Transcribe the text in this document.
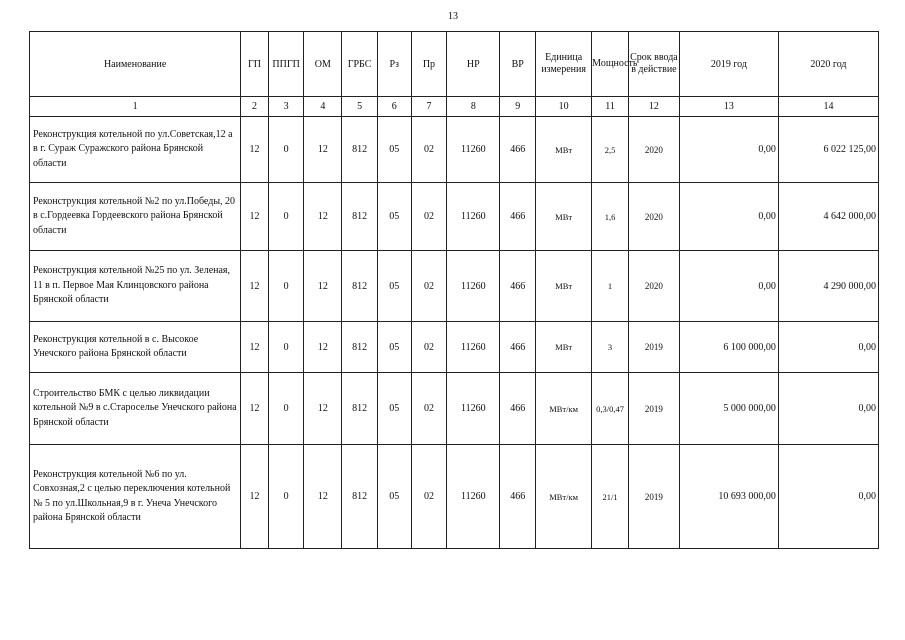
13
Наименование	ГП	ППГП	ОМ	ГРБС	Рз	Пр	НР	ВР	Единица измерения	Мощность	Срок ввода в действие	2019 год	2020 год
1	2	3	4	5	6	7	8	9	10	11	12	13	14
Реконструкция котельной по ул.Советская,12 а в г. Сураж Суражского района Брянской области	12	0	12	812	05	02	11260	466	МВт	2,5	2020	0,00	6 022 125,00
Реконструкция котельной №2 по ул.Победы, 20 в с.Гордеевка Гордеевского района Брянской области	12	0	12	812	05	02	11260	466	МВт	1,6	2020	0,00	4 642 000,00
Реконструкция котельной №25 по ул. Зеленая, 11 в п. Первое Мая Клинцовского района Брянской области	12	0	12	812	05	02	11260	466	МВт	1	2020	0,00	4 290 000,00
Реконструкция котельной в с. Высокое Унечского района Брянской области	12	0	12	812	05	02	11260	466	МВт	3	2019	6 100 000,00	0,00
Строительство БМК с целью ликвидации котельной №9 в с.Староселье Унечского района Брянской области	12	0	12	812	05	02	11260	466	МВт/км	0,3/0,47	2019	5 000 000,00	0,00
Реконструкция котельной №6 по ул. Совхозная,2 с целью переключения котельной № 5 по ул.Школьная,9 в г. Унеча Унечского района Брянской области	12	0	12	812	05	02	11260	466	МВт/км	21/1	2019	10 693 000,00	0,00
